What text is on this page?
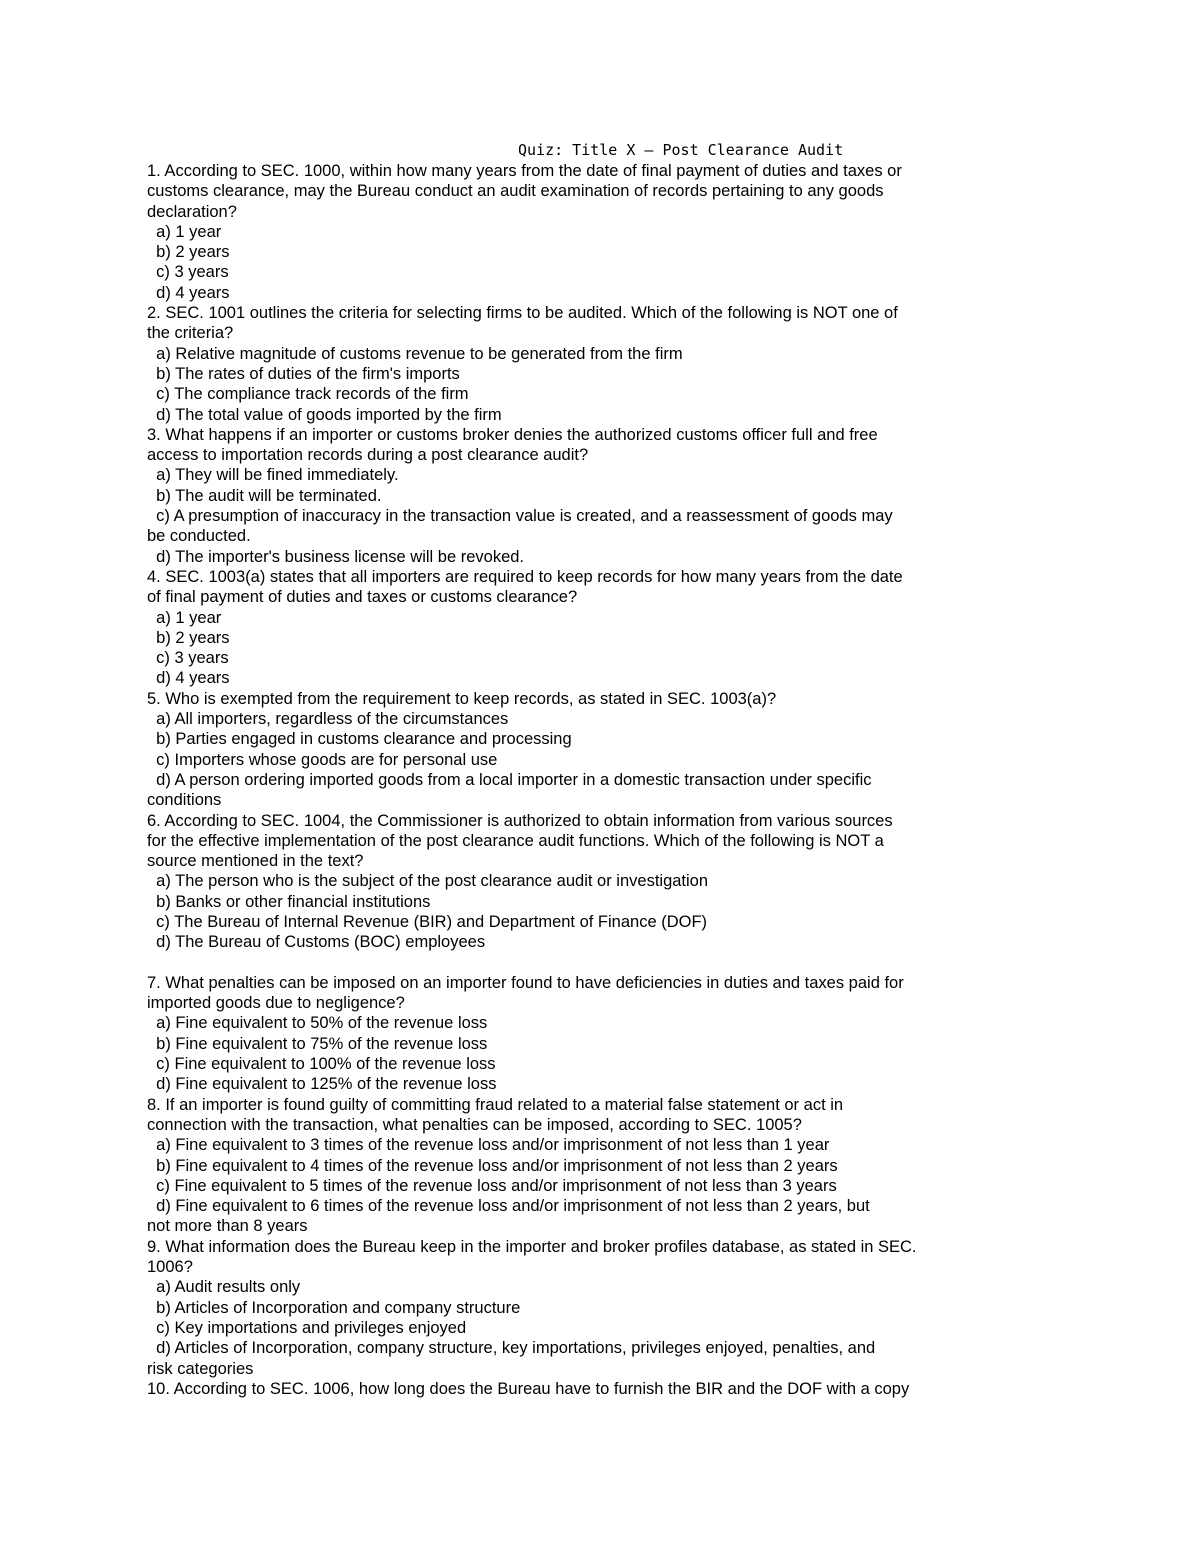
Quiz: Title X – Post Clearance Audit
1. According to SEC. 1000, within how many years from the date of final payment of duties and taxes or
customs clearance, may the Bureau conduct an audit examination of records pertaining to any goods
declaration?
a) 1 year
b) 2 years
c) 3 years
d) 4 years
2. SEC. 1001 outlines the criteria for selecting firms to be audited. Which of the following is NOT one of
the criteria?
a) Relative magnitude of customs revenue to be generated from the firm
b) The rates of duties of the firm's imports
c) The compliance track records of the firm
d) The total value of goods imported by the firm
3. What happens if an importer or customs broker denies the authorized customs officer full and free
access to importation records during a post clearance audit?
a) They will be fined immediately.
b) The audit will be terminated.
c) A presumption of inaccuracy in the transaction value is created, and a reassessment of goods may
be conducted.
d) The importer's business license will be revoked.
4. SEC. 1003(a) states that all importers are required to keep records for how many years from the date
of final payment of duties and taxes or customs clearance?
a) 1 year
b) 2 years
c) 3 years
d) 4 years
5. Who is exempted from the requirement to keep records, as stated in SEC. 1003(a)?
a) All importers, regardless of the circumstances
b) Parties engaged in customs clearance and processing
c) Importers whose goods are for personal use
d) A person ordering imported goods from a local importer in a domestic transaction under specific
conditions
6. According to SEC. 1004, the Commissioner is authorized to obtain information from various sources
for the effective implementation of the post clearance audit functions. Which of the following is NOT a
source mentioned in the text?
a) The person who is the subject of the post clearance audit or investigation
b) Banks or other financial institutions
c) The Bureau of Internal Revenue (BIR) and Department of Finance (DOF)
d) The Bureau of Customs (BOC) employees
7. What penalties can be imposed on an importer found to have deficiencies in duties and taxes paid for
imported goods due to negligence?
a) Fine equivalent to 50% of the revenue loss
b) Fine equivalent to 75% of the revenue loss
c) Fine equivalent to 100% of the revenue loss
d) Fine equivalent to 125% of the revenue loss
8. If an importer is found guilty of committing fraud related to a material false statement or act in
connection with the transaction, what penalties can be imposed, according to SEC. 1005?
a) Fine equivalent to 3 times of the revenue loss and/or imprisonment of not less than 1 year
b) Fine equivalent to 4 times of the revenue loss and/or imprisonment of not less than 2 years
c) Fine equivalent to 5 times of the revenue loss and/or imprisonment of not less than 3 years
d) Fine equivalent to 6 times of the revenue loss and/or imprisonment of not less than 2 years, but
not more than 8 years
9. What information does the Bureau keep in the importer and broker profiles database, as stated in SEC.
1006?
a) Audit results only
b) Articles of Incorporation and company structure
c) Key importations and privileges enjoyed
d) Articles of Incorporation, company structure, key importations, privileges enjoyed, penalties, and
risk categories
10. According to SEC. 1006, how long does the Bureau have to furnish the BIR and the DOF with a copy
